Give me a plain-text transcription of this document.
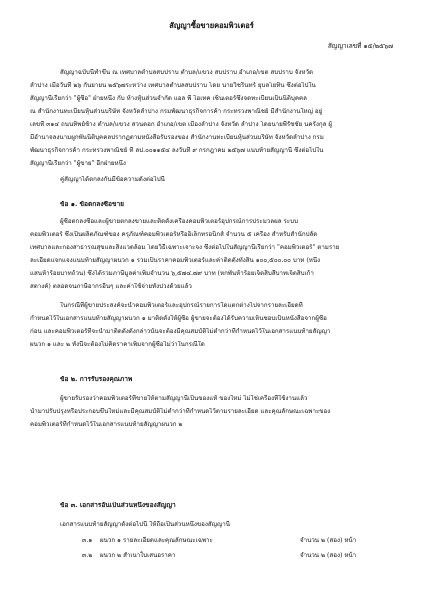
สัญญาซื้อขายคอมพิวเตอร์
สัญญาเลขที่ ๑๕/๒๕๖๗
สัญญาฉบับนี้ทำขึ้น ณ เทศบาลตำบลสบปราบ ตำบล/แขวง สบปราบ อำเภอ/เขต สบปราบ จังหวัด
ลำปาง เมื่อวันที่ ๒๖ กันยายน ๒๕๖๗ระหว่าง เทศบาลตำบลสบปราบ โดย นายวิชรินทร์ ยุบลโยทิน ซึ่งต่อไปใน
สัญญานี้เรียกว่า "ผู้ซื้อ" ฝ่ายหนึ่ง กับ ห้างหุ้นส่วนจำกัด แอล พี ไฮเทค เซ็นเตอร์ซึ่งจดทะเบียนเป็นนิติบุคคล
ณ สำนักงานทะเบียนหุ้นส่วนบริษัท จังหวัดลำปาง กรมพัฒนาธุรกิจการค้า กระทรวงพาณิชย์ มีสำนักงานใหญ่ อยู่
เลขที่ ๓๑๔ ถนนทิพย์ช้าง ตำบล/แขวง สวนดอก อำเภอ/เขต เมืองลำปาง จังหวัด ลำปาง โดยนายพีรัชชัย นครังกุล ผู้
มีอำนาจลงนามผูกพันนิติบุคคลปรากฏตามหนังสือรับรองของ สำนักงานทะเบียนหุ้นส่วนบริษัท จังหวัดลำปาง กรม
พัฒนาธุรกิจการค้า กระทรวงพาณิชย์ ที่ ลป.๐๐๑๑๕๔ ลงวันที่ ๙ กรกฎาคม ๒๕๖๗ แนบท้ายสัญญานี้ ซึ่งต่อไปใน
สัญญานี้เรียกว่า "ผู้ขาย" อีกฝ่ายหนึ่ง
คู่สัญญาได้ตกลงกันมีข้อความดังต่อไปนี้
ข้อ ๑. ข้อตกลงซื้อขาย
ผู้ซื้อตกลงซื้อและผู้ขายตกลงขายและติดตั้งเครื่องคอมพิวเตอร์อุปกรณ์การประมวลผล ระบบ
คอมพิวเตอร์ ซึ่งเป็นผลิตภัณฑ์ของ ครุภัณฑ์คอมพิวเตอร์หรืออิเล็กทรอนิกส์ จำนวน ๕ เครื่อง สำหรับสำนักปลัด
เทศบาลและกองสาธารณสุขและสิ่งแวดล้อม โดยวิธีเฉพาะเจาะจง ซึ่งต่อไปในสัญญานี้เรียกว่า "คอมพิวเตอร์" ตามราย
ละเอียดแจกแจงแนบท้ายสัญญาผนวก ๑ รวมเป็นราคาคอมพิวเตอร์และค่าติดตั้งทั้งสิ้น ๑๐๐,๕๐๐.๐๐ บาท (หนึ่ง
แสนห้าร้อยบาทถ้วน) ซึ่งได้รวมภาษีมูลค่าเพิ่มจำนวน ๖,๕๗๔.๗๙ บาท (หกพันห้าร้อยเจ็ดสิบสี่บาทเจ็ดสิบเก้า
สตางค์) ตลอดจนภาษีอากรอื่นๆ และค่าใช้จ่ายทั้งปวงด้วยแล้ว
ในกรณีที่ผู้ขายประสงค์จะนำคอมพิวเตอร์และอุปกรณ์รายการใดแตกต่างไปจากรายละเอียดที่
กำหนดไว้ในเอกสารแนบท้ายสัญญาผนวก ๑ มาติดตั้งให้ผู้ซื้อ ผู้ขายจะต้องได้รับความเห็นชอบเป็นหนังสือจากผู้ซื้อ
ก่อน และคอมพิวเตอร์ที่จะนำมาติดตั้งดังกล่าวนั้นจะต้องมีคุณสมบัติไม่ต่ำกว่าที่กำหนดไว้ในเอกสารแนบท้ายสัญญา
ผนวก ๑ และ ๒ ทั้งนี้จะต้องไม่คิดราคาเพิ่มจากผู้ซื้อไม่ว่าในกรณีใด
ข้อ ๒. การรับรองคุณภาพ
ผู้ขายรับรองว่าคอมพิวเตอร์ที่ขายให้ตามสัญญานี้เป็นของแท้ ของใหม่ ไม่ใช่เครื่องที่ใช้งานแล้ว
นำมาปรับปรุงหรือประกอบขึ้นใหม่และมีคุณสมบัติไม่ต่ำกว่าที่กำหนดไว้ตามรายละเอียด และคุณลักษณะเฉพาะของ
คอมพิวเตอร์ที่กำหนดไว้ในเอกสารแนบท้ายสัญญาผนวก ๒
ข้อ ๓. เอกสารอันเป็นส่วนหนึ่งของสัญญา
เอกสารแนบท้ายสัญญาดังต่อไปนี้ ให้ถือเป็นส่วนหนึ่งของสัญญานี้
๓.๑ ผนวก ๑ รายละเอียดและคุณลักษณะเฉพาะ	จำนวน ๒ (สอง) หน้า
๓.๒ ผนวก ๒ สำเนาใบเสนอราคา	จำนวน ๒ (สอง) หน้า
